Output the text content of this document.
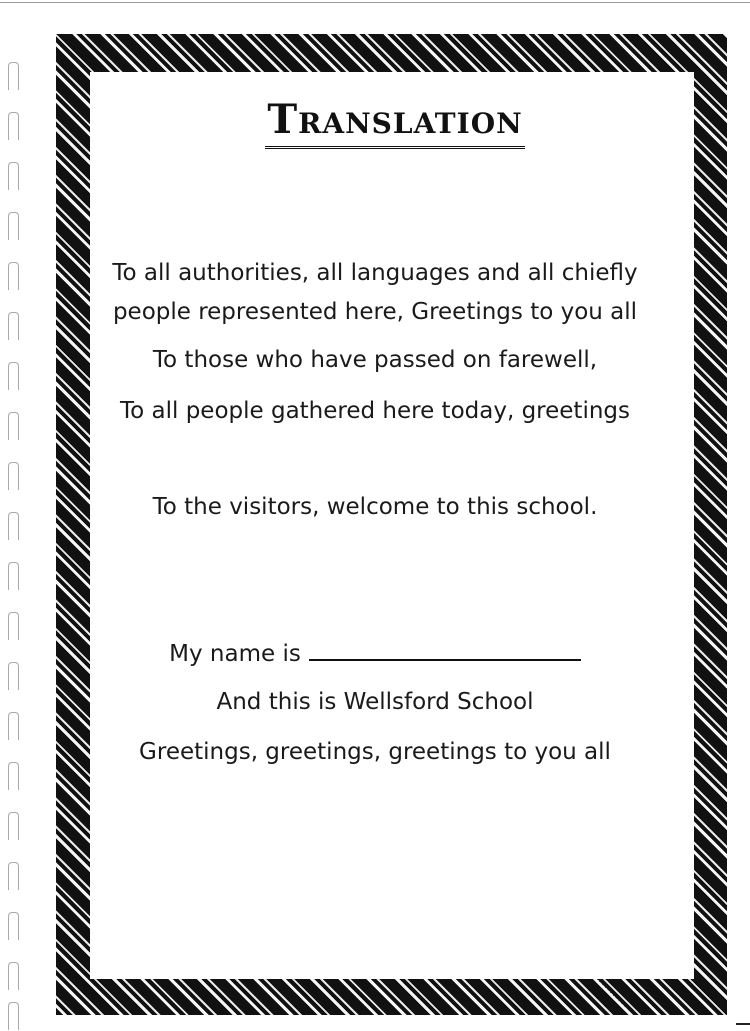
Translation
To all authorities, all languages and all chiefly
people represented here, Greetings to you all
To those who have passed on farewell,
To all people gathered here today, greetings
To the visitors, welcome to this school.
My name is
And this is Wellsford School
Greetings, greetings, greetings to you all
